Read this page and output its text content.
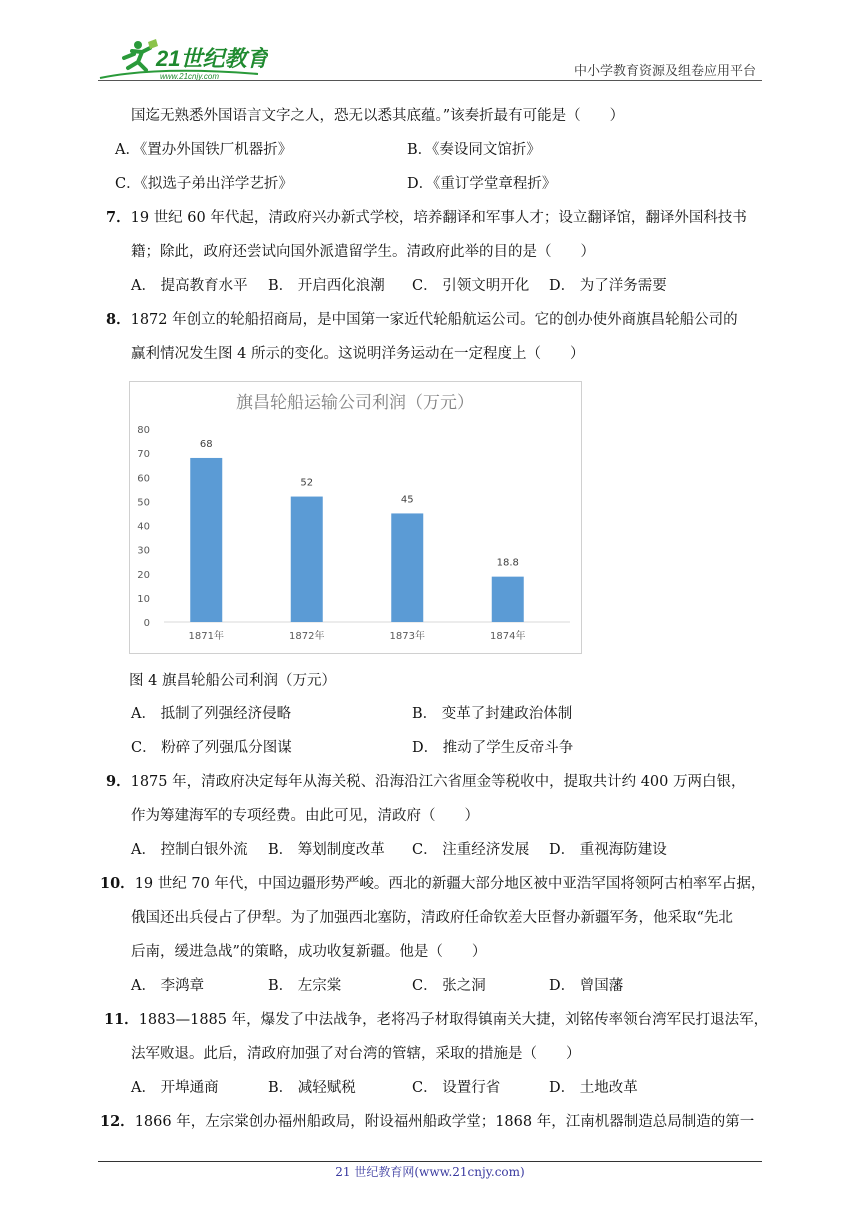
21世纪教育
www.21cnjy.com	中小学教育资源及组卷应用平台
国迄无熟悉外国语言文字之人，恐无以悉其底蕴。”该奏折最有可能是（　　）
A．《置办外国铁厂机器折》	B．《奏设同文馆折》
C．《拟选子弟出洋学艺折》	D．《重订学堂章程折》
7．19 世纪 60 年代起，清政府兴办新式学校，培养翻译和军事人才；设立翻译馆，翻译外国科技书
籍；除此，政府还尝试向国外派遣留学生。清政府此举的目的是（　　）
A． 提高教育水平 B． 开启西化浪潮 C． 引领文明开化 D． 为了洋务需要
8．1872 年创立的轮船招商局，是中国第一家近代轮船航运公司。它的创办使外商旗昌轮船公司的
赢利情况发生图 4 所示的变化。这说明洋务运动在一定程度上（　　）
旗昌轮船运输公司利润（万元）
0
10
20
30
40
50
60
70
80
68
1871年
52
1872年
45
1873年
18.8
1874年
图 4 旗昌轮船公司利润（万元）
A． 抵制了列强经济侵略	B． 变革了封建政治体制
C． 粉碎了列强瓜分图谋	D． 推动了学生反帝斗争
9．1875 年，清政府决定每年从海关税、沿海沿江六省厘金等税收中，提取共计约 400 万两白银，
作为筹建海军的专项经费。由此可见，清政府（　　）
A． 控制白银外流 B． 筹划制度改革 C． 注重经济发展 D． 重视海防建设
10．19 世纪 70 年代，中国边疆形势严峻。西北的新疆大部分地区被中亚浩罕国将领阿古柏率军占据，
俄国还出兵侵占了伊犁。为了加强西北塞防，清政府任命钦差大臣督办新疆军务，他采取“先北
后南，缓进急战”的策略，成功收复新疆。他是（　　）
A． 李鸿章	B． 左宗棠	C． 张之洞	D． 曾国藩
11．1883—1885 年，爆发了中法战争，老将冯子材取得镇南关大捷，刘铭传率领台湾军民打退法军，
法军败退。此后，清政府加强了对台湾的管辖，采取的措施是（　　）
A． 开埠通商	B． 减轻赋税	C． 设置行省	D． 土地改革
12．1866 年，左宗棠创办福州船政局，附设福州船政学堂；1868 年，江南机器制造总局制造的第一
21 世纪教育网(www.21cnjy.com)
